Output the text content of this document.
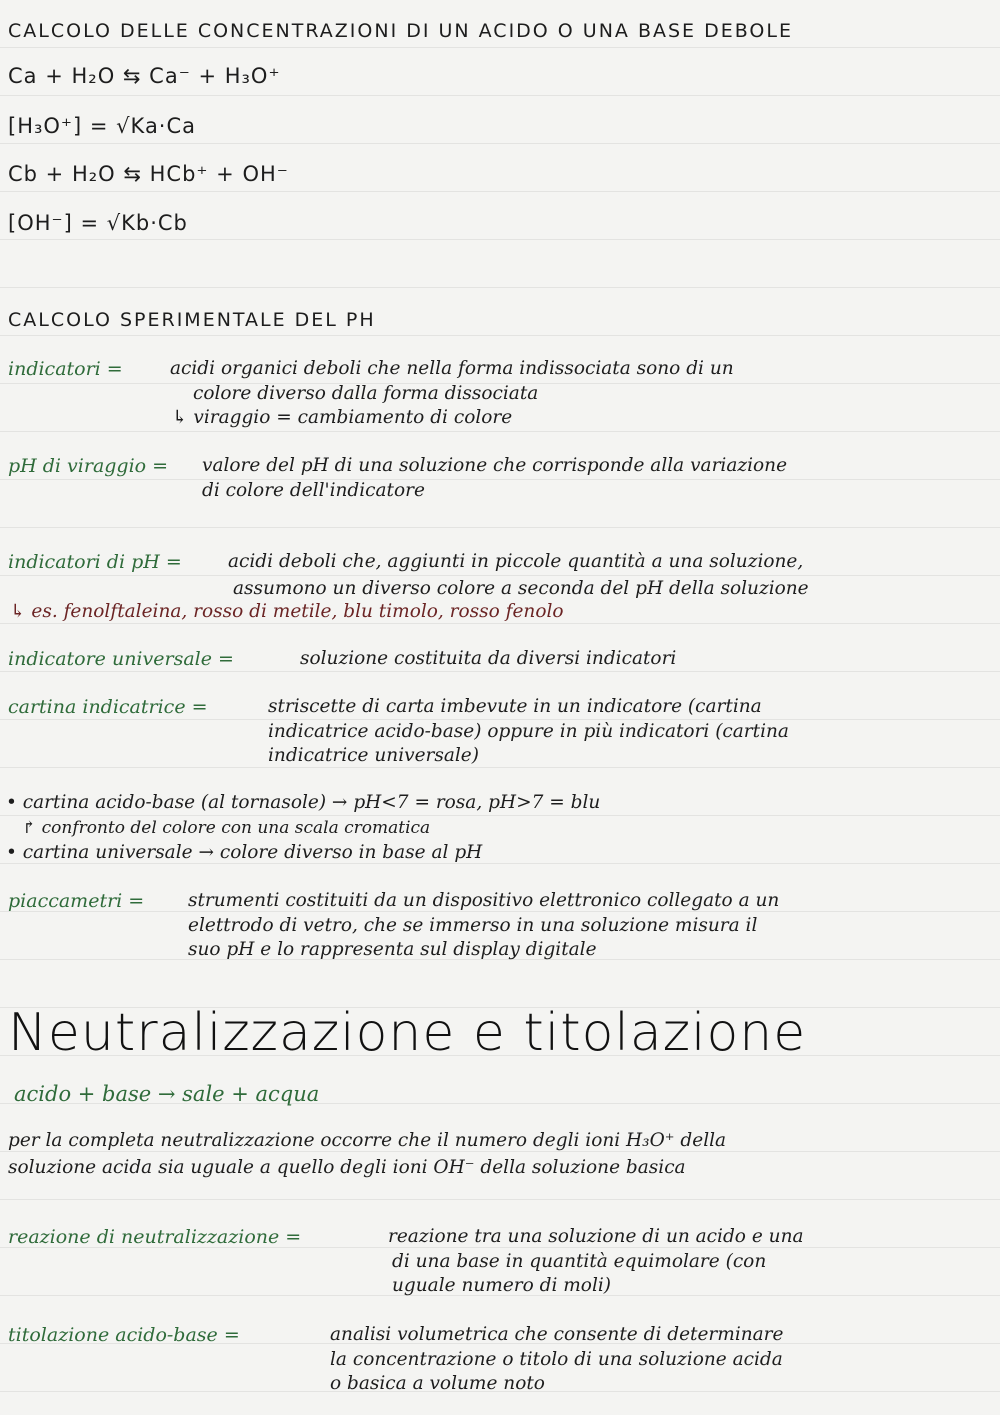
CALCOLO DELLE CONCENTRAZIONI DI UN ACIDO O UNA BASE DEBOLE

Ca + H₂O ⇆ Ca⁻ + H₃O⁺

[H₃O⁺] = √Ka·Ca

Cb + H₂O ⇆ HCb⁺ + OH⁻

[OH⁻] = √Kb·Cb

CALCOLO SPERIMENTALE DEL PH

indicatori =	acidi organici deboli che nella forma indissociata sono di un

colore diverso dalla forma dissociata

↳ viraggio = cambiamento di colore

pH di viraggio = valore del pH di una soluzione che corrisponde alla variazione

di colore dell'indicatore

indicatori di pH = acidi deboli che, aggiunti in piccole quantità a una soluzione,

assumono un diverso colore a seconda del pH della soluzione

↳ es. fenolftaleina, rosso di metile, blu timolo, rosso fenolo

indicatore universale =	soluzione costituita da diversi indicatori

cartina indicatrice =	striscette di carta imbevute in un indicatore (cartina

indicatrice acido-base) oppure in più indicatori (cartina

indicatrice universale)

• cartina acido-base (al tornasole) → pH<7 = rosa, pH>7 = blu

↱ confronto del colore con una scala cromatica

• cartina universale → colore diverso in base al pH

piaccametri = strumenti costituiti da un dispositivo elettronico collegato a un

elettrodo di vetro, che se immerso in una soluzione misura il

suo pH e lo rappresenta sul display digitale

Neutralizzazione e titolazione

acido + base → sale + acqua

per la completa neutralizzazione occorre che il numero degli ioni H₃O⁺ della

soluzione acida sia uguale a quello degli ioni OH⁻ della soluzione basica

reazione di neutralizzazione =	reazione tra una soluzione di un acido e una

di una base in quantità equimolare (con

uguale numero di moli)

titolazione acido-base =	analisi volumetrica che consente di determinare

la concentrazione o titolo di una soluzione acida

o basica a volume noto
